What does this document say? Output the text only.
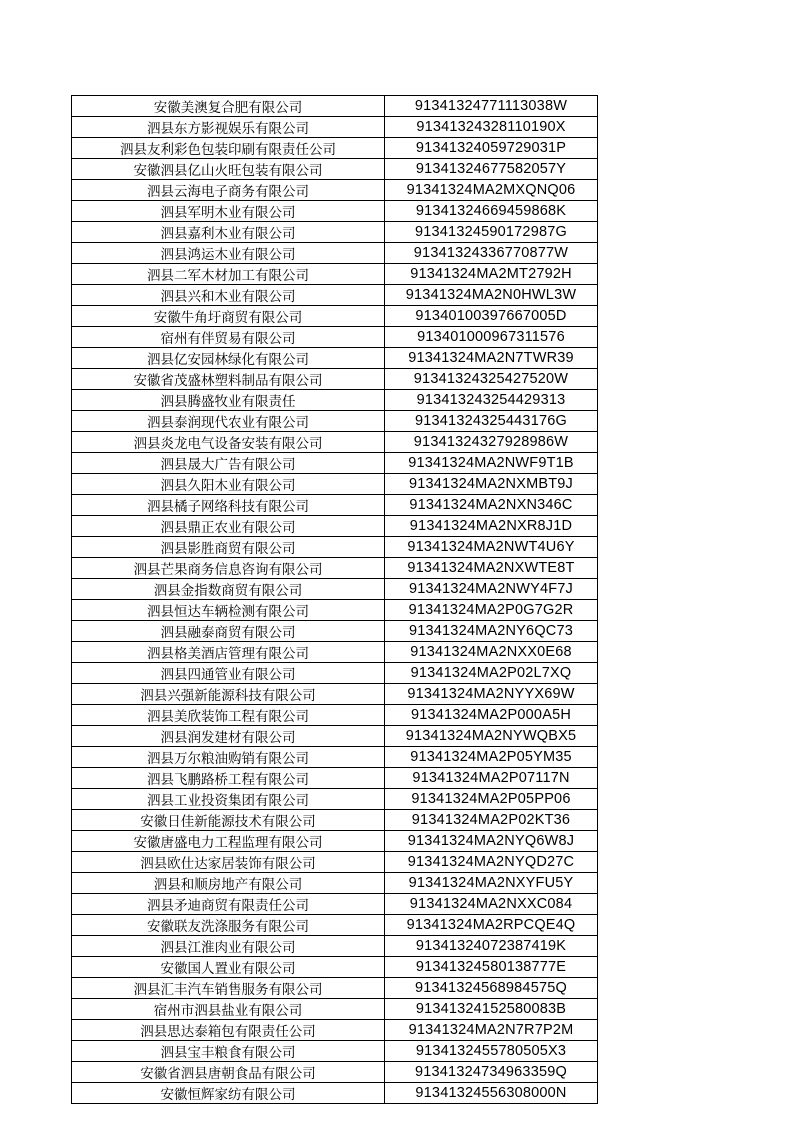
安徽美澳复合肥有限公司	91341324771113038W
泗县东方影视娱乐有限公司	91341324328110190X
泗县友利彩色包装印刷有限责任公司	91341324059729031P
安徽泗县亿山火旺包装有限公司	91341324677582057Y
泗县云海电子商务有限公司	91341324MA2MXQNQ06
泗县军明木业有限公司	91341324669459868K
泗县嘉利木业有限公司	91341324590172987G
泗县鸿运木业有限公司	91341324336770877W
泗县二军木材加工有限公司	91341324MA2MT2792H
泗县兴和木业有限公司	91341324MA2N0HWL3W
安徽牛角圩商贸有限公司	91340100397667005D
宿州有伴贸易有限公司	913401000967311576
泗县亿安园林绿化有限公司	91341324MA2N7TWR39
安徽省茂盛林塑料制品有限公司	91341324325427520W
泗县腾盛牧业有限责任	913413243254429313
泗县泰润现代农业有限公司	91341324325443176G
泗县炎龙电气设备安装有限公司	91341324327928986W
泗县晟大广告有限公司	91341324MA2NWF9T1B
泗县久阳木业有限公司	91341324MA2NXMBT9J
泗县橘子网络科技有限公司	91341324MA2NXN346C
泗县鼎正农业有限公司	91341324MA2NXR8J1D
泗县影胜商贸有限公司	91341324MA2NWT4U6Y
泗县芒果商务信息咨询有限公司	91341324MA2NXWTE8T
泗县金指数商贸有限公司	91341324MA2NWY4F7J
泗县恒达车辆检测有限公司	91341324MA2P0G7G2R
泗县融泰商贸有限公司	91341324MA2NY6QC73
泗县格美酒店管理有限公司	91341324MA2NXX0E68
泗县四通管业有限公司	91341324MA2P02L7XQ
泗县兴强新能源科技有限公司	91341324MA2NYYX69W
泗县美欣装饰工程有限公司	91341324MA2P000A5H
泗县润发建材有限公司	91341324MA2NYWQBX5
泗县万尔粮油购销有限公司	91341324MA2P05YM35
泗县飞鹏路桥工程有限公司	91341324MA2P07117N
泗县工业投资集团有限公司	91341324MA2P05PP06
安徽日佳新能源技术有限公司	91341324MA2P02KT36
安徽唐盛电力工程监理有限公司	91341324MA2NYQ6W8J
泗县欧仕达家居装饰有限公司	91341324MA2NYQD27C
泗县和顺房地产有限公司	91341324MA2NXYFU5Y
泗县矛迪商贸有限责任公司	91341324MA2NXXC084
安徽联友洗涤服务有限公司	91341324MA2RPCQE4Q
泗县江淮肉业有限公司	91341324072387419K
安徽国人置业有限公司	91341324580138777E
泗县汇丰汽车销售服务有限公司	91341324568984575Q
宿州市泗县盐业有限公司	91341324152580083B
泗县思达泰箱包有限责任公司	91341324MA2N7R7P2M
泗县宝丰粮食有限公司	9134132455780505X3
安徽省泗县唐朝食品有限公司	91341324734963359Q
安徽恒辉家纺有限公司	91341324556308000N
